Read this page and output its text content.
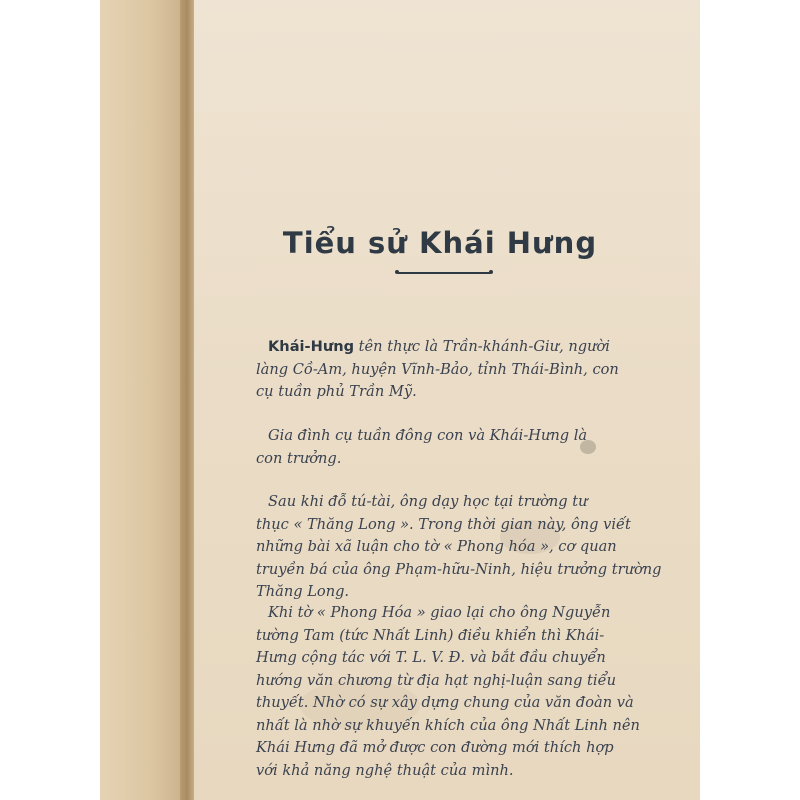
Tiểu sử Khái Hưng

Khái-Hưng tên thực là Trần-khánh-Giư, người
làng Cồ-Am, huyện Vĩnh-Bảo, tỉnh Thái-Bình, con
cụ tuần phủ Trần Mỹ.

Gia đình cụ tuần đông con và Khái-Hưng là
con trưởng.

Sau khi đỗ tú-tài, ông dạy học tại trường tư
thục « Thăng Long ». Trong thời gian này, ông viết
những bài xã luận cho tờ « Phong hóa », cơ quan
truyền bá của ông Phạm-hữu-Ninh, hiệu trưởng trường
Thăng Long.

Khi tờ « Phong Hóa » giao lại cho ông Nguyễn
tường Tam (tức Nhất Linh) điều khiển thì Khái-
Hưng cộng tác với T. L. V. Đ. và bắt đầu chuyển
hướng văn chương từ địa hạt nghị-luận sang tiểu
thuyết. Nhờ có sự xây dựng chung của văn đoàn và
nhất là nhờ sự khuyến khích của ông Nhất Linh nên
Khái Hưng đã mở được con đường mới thích hợp
với khả năng nghệ thuật của mình.
